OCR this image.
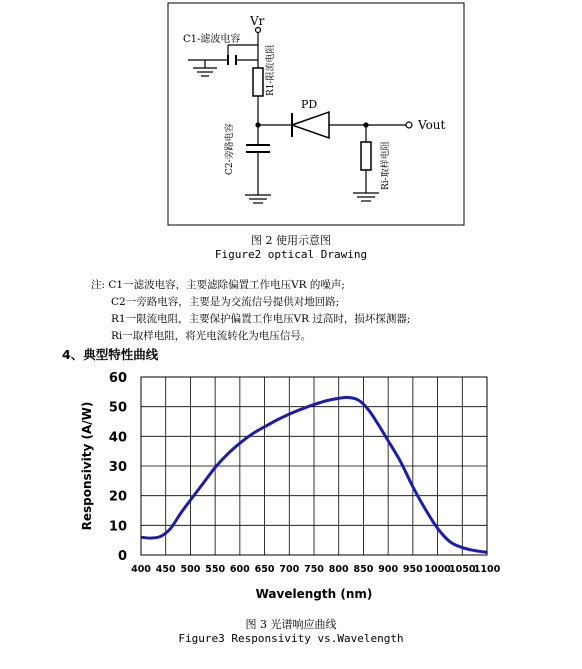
Vr
C1-滤波电容
R1-限流电阻
C2-旁路电容
PD
Vout
Ri-取样电阻
图 2 使用示意图
Figure2 optical Drawing
注: C1一滤波电容，主要滤除偏置工作电压VR 的噪声;
C2一旁路电容，主要是为交流信号提供对地回路;
R1一限流电阻，主要保护偏置工作电压VR 过高时，损坏探测器;
Ri一取样电阻，将光电流转化为电压信号。
4、典型特性曲线
0
10
20
30
40
50
60
400 450 500 550 600 650 700 750 800 850 900 950 1000
1050
1100
Responsivity (A/W)
Wavelength (nm)
图 3 光谱响应曲线
Figure3 Responsivity vs.Wavelength
